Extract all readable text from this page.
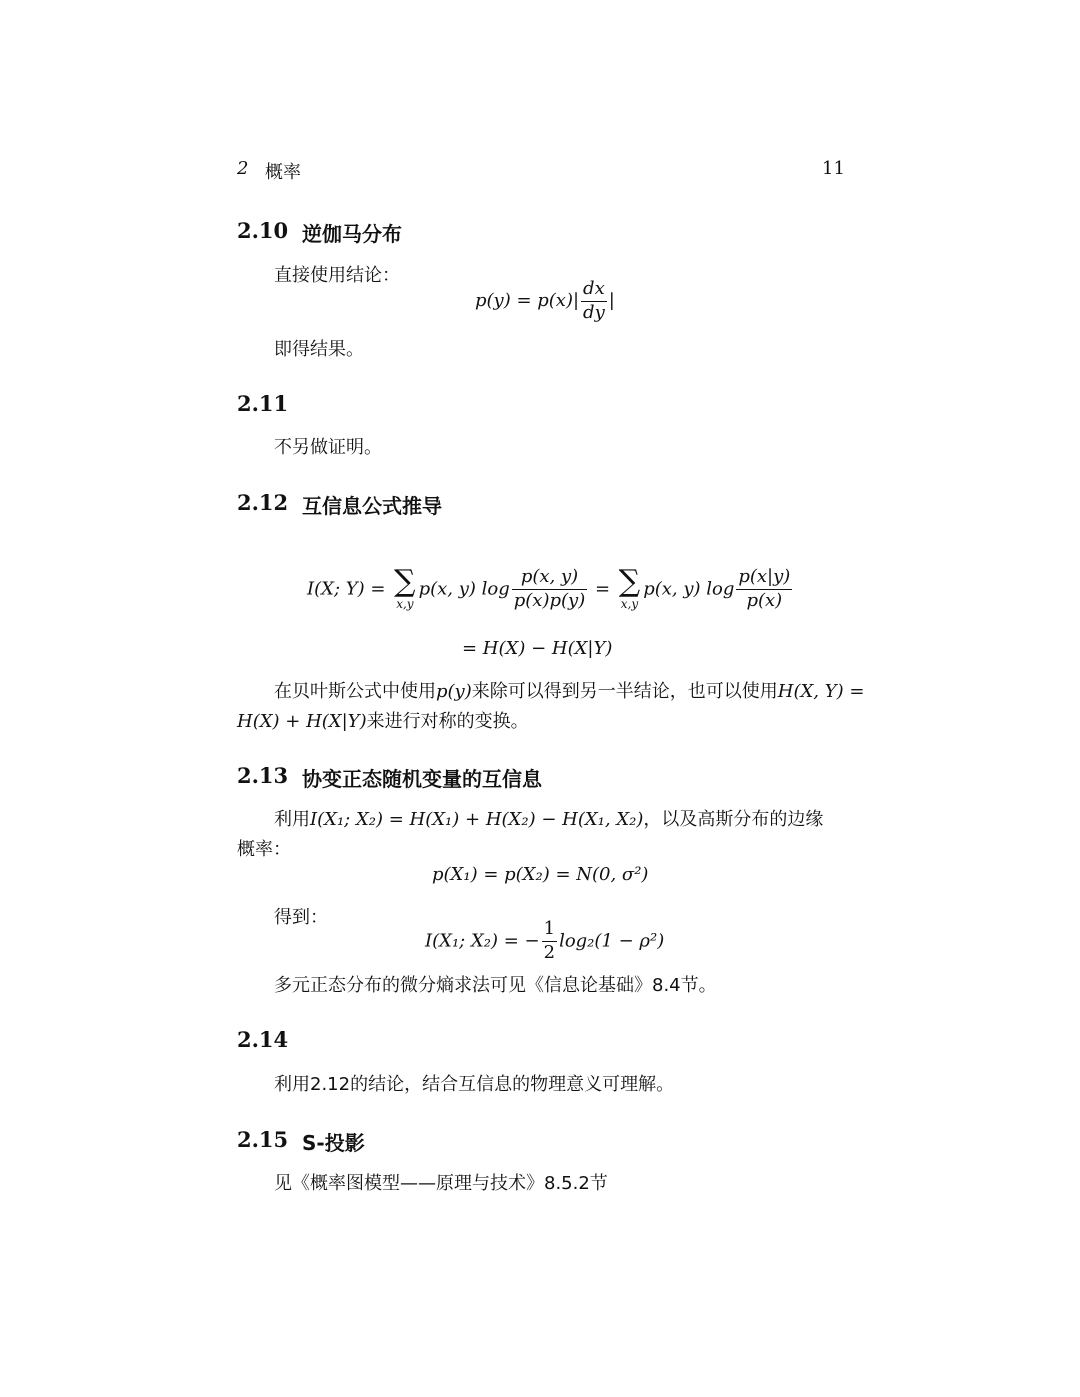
2 概率	11
2.10 逆伽马分布
直接使用结论：
$p(y) = p(x)| \frac{dx}{dy}$ |
即得结果。
2.11
不另做证明。
2.12 互信息公式推导
I(X; Y) = ∑
x,y
p(x, y) $\log \frac{p(x, y)}{p(x)p(y)}$ = ∑
x,y
p(x, y) $\log \frac{p(x|y)}{p(x)}$
= H(X) − H(X|Y)
在贝叶斯公式中使用p(y)来除可以得到另一半结论，也可以使用H(X, Y) =
H(X) + H(X|Y)来进行对称的变换。
2.13 协变正态随机变量的互信息
利用I(X₁; X₂) = H(X₁) + H(X₂) − H(X₁, X₂)，以及高斯分布的边缘
概率：
p(X₁) = p(X₂) = N(0, σ²)
得到：
I(X₁; X₂) = − $\frac{1}{2} \log_2(1 - \rho^2)$
多元正态分布的微分熵求法可见《信息论基础》8.4节。
2.14
利用2.12的结论，结合互信息的物理意义可理解。
2.15 S-投影
见《概率图模型——原理与技术》8.5.2节
